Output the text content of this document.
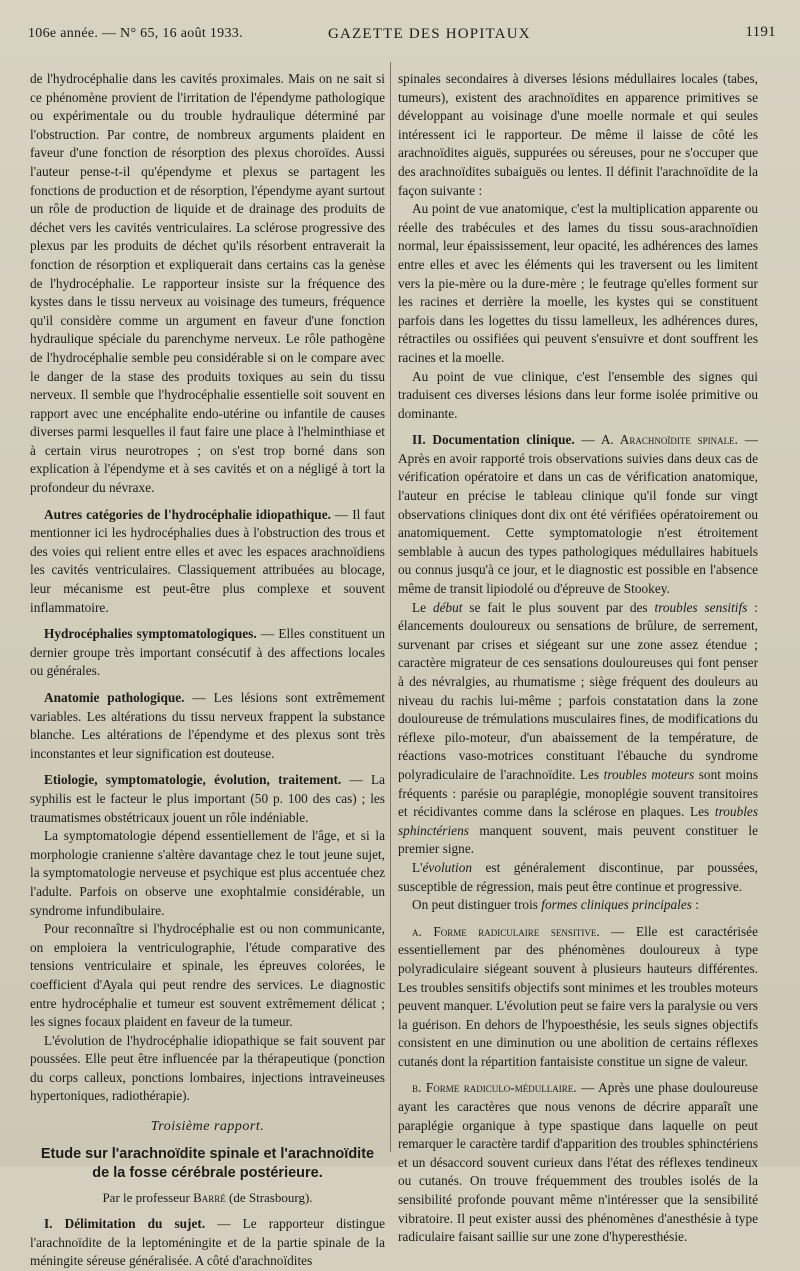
106e année. — N° 65, 16 août 1933.	GAZETTE DES HOPITAUX	1191

de l'hydrocéphalie dans les cavités proximales. Mais on ne sait si ce phénomène provient de l'irritation de l'épendyme pathologique ou expérimentale ou du trouble hydraulique déterminé par l'obstruction. Par contre, de nombreux arguments plaident en faveur d'une fonction de résorption des plexus choroïdes. Aussi l'auteur pense-t-il qu'épendyme et plexus se partagent les fonctions de production et de résorption, l'épendyme ayant surtout un rôle de production de liquide et de drainage des produits de déchet vers les cavités ventriculaires. La sclérose progressive des plexus par les produits de déchet qu'ils résorbent entraverait la fonction de résorption et expliquerait dans certains cas la genèse de l'hydrocéphalie. Le rapporteur insiste sur la fréquence des kystes dans le tissu nerveux au voisinage des tumeurs, fréquence qu'il considère comme un argument en faveur d'une fonction hydraulique spéciale du parenchyme nerveux. Le rôle pathogène de l'hydrocéphalie semble peu considérable si on le compare avec le danger de la stase des produits toxiques au sein du tissu nerveux. Il semble que l'hydrocéphalie essentielle soit souvent en rapport avec une encéphalite endo-utérine ou infantile de causes diverses parmi lesquelles il faut faire une place à l'helminthiase et à certain virus neurotropes ; on s'est trop borné dans son explication à l'épendyme et à ses cavités et on a négligé à tort la profondeur du névraxe.

Autres catégories de l'hydrocéphalie idiopathique. — Il faut mentionner ici les hydrocéphalies dues à l'obstruction des trous et des voies qui relient entre elles et avec les espaces arachnoïdiens les cavités ventriculaires. Classiquement attribuées au blocage, leur mécanisme est peut-être plus complexe et souvent inflammatoire.

Hydrocéphalies symptomatologiques. — Elles constituent un dernier groupe très important consécutif à des affections locales ou générales.

Anatomie pathologique. — Les lésions sont extrêmement variables. Les altérations du tissu nerveux frappent la substance blanche. Les altérations de l'épendyme et des plexus sont très inconstantes et leur signification est douteuse.

Etiologie, symptomatologie, évolution, traitement. — La syphilis est le facteur le plus important (50 p. 100 des cas) ; les traumatismes obstétricaux jouent un rôle indéniable.

La symptomatologie dépend essentiellement de l'âge, et si la morphologie cranienne s'altère davantage chez le tout jeune sujet, la symptomatologie nerveuse et psychique est plus accentuée chez l'adulte. Parfois on observe une exophtalmie considérable, un syndrome infundibulaire.

Pour reconnaître si l'hydrocéphalie est ou non communicante, on emploiera la ventriculographie, l'étude comparative des tensions ventriculaire et spinale, les épreuves colorées, le coefficient d'Ayala qui peut rendre des services. Le diagnostic entre hydrocéphalie et tumeur est souvent extrêmement délicat ; les signes focaux plaident en faveur de la tumeur.

L'évolution de l'hydrocéphalie idiopathique se fait souvent par poussées. Elle peut être influencée par la thérapeutique (ponction du corps calleux, ponctions lombaires, injections intraveineuses hypertoniques, radiothérapie).

Troisième rapport.
Etude sur l'arachnoïdite spinale et l'arachnoïdite
de la fosse cérébrale postérieure.
Par le professeur Barré (de Strasbourg).

I. Délimitation du sujet. — Le rapporteur distingue l'arachnoïdite de la leptoméningite et de la partie spinale de la méningite séreuse généralisée. A côté d'arachnoïdites

spinales secondaires à diverses lésions médullaires locales (tabes, tumeurs), existent des arachnoïdites en apparence primitives se développant au voisinage d'une moelle normale et qui seules intéressent ici le rapporteur. De même il laisse de côté les arachnoïdites aiguës, suppurées ou séreuses, pour ne s'occuper que des arachnoïdites subaiguës ou lentes. Il définit l'arachnoïdite de la façon suivante :

Au point de vue anatomique, c'est la multiplication apparente ou réelle des trabécules et des lames du tissu sous-arachnoïdien normal, leur épaississement, leur opacité, les adhérences des lames entre elles et avec les éléments qui les traversent ou les limitent vers la pie-mère ou la dure-mère ; le feutrage qu'elles forment sur les racines et derrière la moelle, les kystes qui se constituent parfois dans les logettes du tissu lamelleux, les adhérences dures, rétractiles ou ossifiées qui peuvent s'ensuivre et dont souffrent les racines et la moelle.

Au point de vue clinique, c'est l'ensemble des signes qui traduisent ces diverses lésions dans leur forme isolée primitive ou dominante.

II. Documentation clinique. — A. Arachnoïdite spinale. — Après en avoir rapporté trois observations suivies dans deux cas de vérification opératoire et dans un cas de vérification anatomique, l'auteur en précise le tableau clinique qu'il fonde sur vingt observations cliniques dont dix ont été vérifiées opératoirement ou anatomiquement. Cette symptomatologie n'est étroitement semblable à aucun des types pathologiques médullaires habituels ou connus jusqu'à ce jour, et le diagnostic est possible en l'absence même de transit lipiodolé ou d'épreuve de Stookey.

Le début se fait le plus souvent par des troubles sensitifs : élancements douloureux ou sensations de brûlure, de serrement, survenant par crises et siégeant sur une zone assez étendue ; caractère migrateur de ces sensations douloureuses qui font penser à des névralgies, au rhumatisme ; siège fréquent des douleurs au niveau du rachis lui-même ; parfois constatation dans la zone douloureuse de trémulations musculaires fines, de modifications du réflexe pilo-moteur, d'un abaissement de la température, de réactions vaso-motrices constituant l'ébauche du syndrome polyradiculaire de l'arachnoïdite. Les troubles moteurs sont moins fréquents : parésie ou paraplégie, monoplégie souvent transitoires et récidivantes comme dans la sclérose en plaques. Les troubles sphinctériens manquent souvent, mais peuvent constituer le premier signe.

L'évolution est généralement discontinue, par poussées, susceptible de régression, mais peut être continue et progressive.

On peut distinguer trois formes cliniques principales :

a. Forme radiculaire sensitive. — Elle est caractérisée essentiellement par des phénomènes douloureux à type polyradiculaire siégeant souvent à plusieurs hauteurs différentes. Les troubles sensitifs objectifs sont minimes et les troubles moteurs peuvent manquer. L'évolution peut se faire vers la paralysie ou vers la guérison. En dehors de l'hypoesthésie, les seuls signes objectifs consistent en une diminution ou une abolition de certains réflexes cutanés dont la répartition fantaisiste constitue un signe de valeur.

b. Forme radiculo-médullaire. — Après une phase douloureuse ayant les caractères que nous venons de décrire apparaît une paraplégie organique à type spastique dans laquelle on peut remarquer le caractère tardif d'apparition des troubles sphinctériens et un désaccord souvent curieux dans l'état des réflexes tendineux ou cutanés. On trouve fréquemment des troubles isolés de la sensibilité profonde pouvant même n'intéresser que la sensibilité vibratoire. Il peut exister aussi des phénomènes d'anesthésie à type radiculaire faisant saillie sur une zone d'hyperesthésie.
